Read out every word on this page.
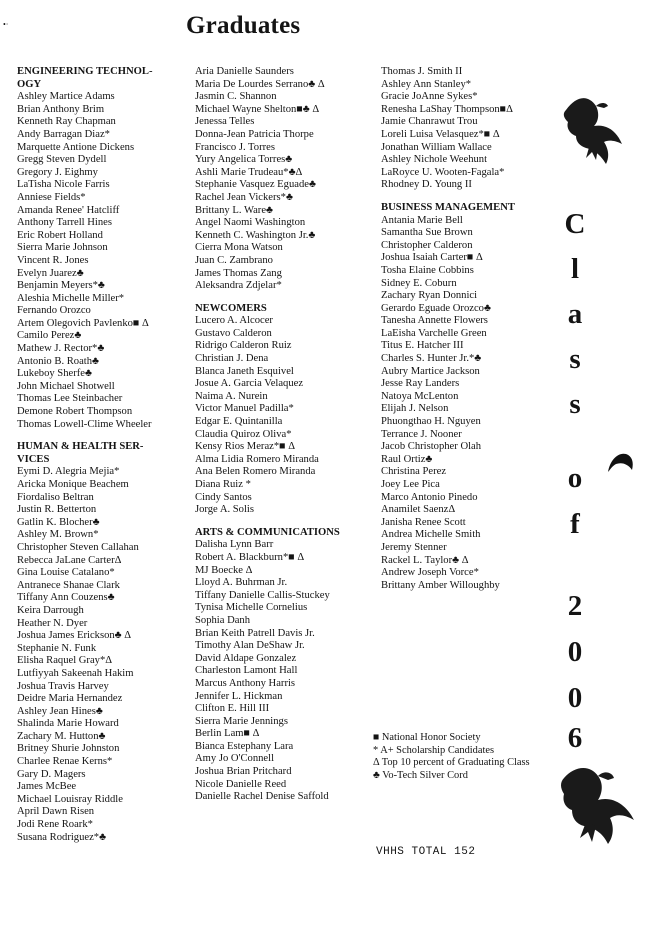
•·	Graduates
ENGINEERING TECHNOL- OGY
Ashley Martice Adams
Brian Anthony Brim
Kenneth Ray Chapman
Andy Barragan Diaz*
Marquette Antione Dickens
Gregg Steven Dydell
Gregory J. Eighmy
LaTisha Nicole Farris
Anniese Fields*
Amanda Renee' Hatcliff
Anthony Tarrell Hines
Eric Robert Holland
Sierra Marie Johnson
Vincent R. Jones
Evelyn Juarez♣
Benjamin Meyers*♣
Aleshia Michelle Miller*
Fernando Orozco
Artem Olegovich Pavlenko■ Δ
Camilo Perez♣
Mathew J. Rector*♣
Antonio B. Roath♣
Lukeboy Sherfe♣
John Michael Shotwell
Thomas Lee Steinbacher
Demone Robert Thompson
Thomas Lowell-Clime Wheeler
HUMAN & HEALTH SER- VICES
Eymi D. Alegria Mejia*
Aricka Monique Beachem
Fiordaliso Beltran
Justin R. Betterton
Gatlin K. Blocher♣
Ashley M. Brown*
Christopher Steven Callahan
Rebecca JaLane CarterΔ
Gina Louise Catalano*
Antranece Shanae Clark
Tiffany Ann Couzens♣
Keira Darrough
Heather N. Dyer
Joshua James Erickson♣ Δ
Stephanie N. Funk
Elisha Raquel Gray*Δ
Lutfiyyah Sakeenah Hakim
Joshua Travis Harvey
Deidre Maria Hernandez
Ashley Jean Hines♣
Shalinda Marie Howard
Zachary M. Hutton♣
Britney Shurie Johnston
Charlee Renae Kerns*
Gary D. Magers
James McBee
Michael Louisray Riddle
April Dawn Risen
Jodi Rene Roark*
Susana Rodriguez*♣
Aria Danielle Saunders
Maria De Lourdes Serrano♣ Δ
Jasmin C. Shannon
Michael Wayne Shelton■♣ Δ
Jenessa Telles
Donna-Jean Patricia Thorpe
Francisco J. Torres
Yury Angelica Torres♣
Ashli Marie Trudeau*♣Δ
Stephanie Vasquez Eguade♣
Rachel Jean Vickers*♣
Brittany L. Ware♣
Angel Naomi Washington
Kenneth C. Washington Jr.♣
Cierra Mona Watson
Juan C. Zambrano
James Thomas Zang
Aleksandra Zdjelar*
NEWCOMERS
Lucero A. Alcocer
Gustavo Calderon
Ridrigo Calderon Ruiz
Christian J. Dena
Blanca Janeth Esquivel
Josue A. Garcia Velaquez
Naima A. Nurein
Victor Manuel Padilla*
Edgar E. Quintanilla
Claudia Quiroz Oliva*
Kensy Rios Meraz*■ Δ
Alma Lidia Romero Miranda
Ana Belen Romero Miranda
Diana Ruiz *
Cindy Santos
Jorge A. Solis
ARTS & COMMUNICATIONS
Dalisha Lynn Barr
Robert A. Blackburn*■ Δ
MJ Boecke Δ
Lloyd A. Buhrman Jr.
Tiffany Danielle Callis-Stuckey
Tynisa Michelle Cornelius
Sophia Danh
Brian Keith Patrell Davis Jr.
Timothy Alan DeShaw Jr.
David Aldape Gonzalez
Charleston Lamont Hall
Marcus Anthony Harris
Jennifer L. Hickman
Clifton E. Hill III
Sierra Marie Jennings
Berlin Lam■ Δ
Bianca Estephany Lara
Amy Jo O'Connell
Joshua Brian Pritchard
Nicole Danielle Reed
Danielle Rachel Denise Saffold
Thomas J. Smith II
Ashley Ann Stanley*
Gracie JoAnne Sykes*
Renesha LaShay Thompson■Δ
Jamie Chanrawut Trou
Loreli Luisa Velasquez*■ Δ
Jonathan William Wallace
Ashley Nichole Weehunt
LaRoyce U. Wooten-Fagala*
Rhodney D. Young II
BUSINESS MANAGEMENT
Antania Marie Bell
Samantha Sue Brown
Christopher Calderon
Joshua Isaiah Carter■ Δ
Tosha Elaine Cobbins
Sidney E. Coburn
Zachary Ryan Donnici
Gerardo Eguade Orozco♣
Tanesha Annette Flowers
LaEisha Varchelle Green
Titus E. Hatcher III
Charles S. Hunter Jr.*♣
Aubry Martice Jackson
Jesse Ray Landers
Natoya McLenton
Elijah J. Nelson
Phuongthao H. Nguyen
Terrance J. Nooner
Jacob Christopher Olah
Raul Ortiz♣
Christina Perez
Joey Lee Pica
Marco Antonio Pinedo
Anamilet SaenzΔ
Janisha Renee Scott
Andrea Michelle Smith
Jeremy Stenner
Rackel L. Taylor♣ Δ
Andrew Joseph Vorce*
Brittany Amber Willoughby
■ National Honor Society
* A+ Scholarship Candidates
Δ Top 10 percent of Graduating Class
♣ Vo-Tech Silver Cord
VHHS TOTAL 152
C
l
a
s
s
o
f
2
0
0
6
